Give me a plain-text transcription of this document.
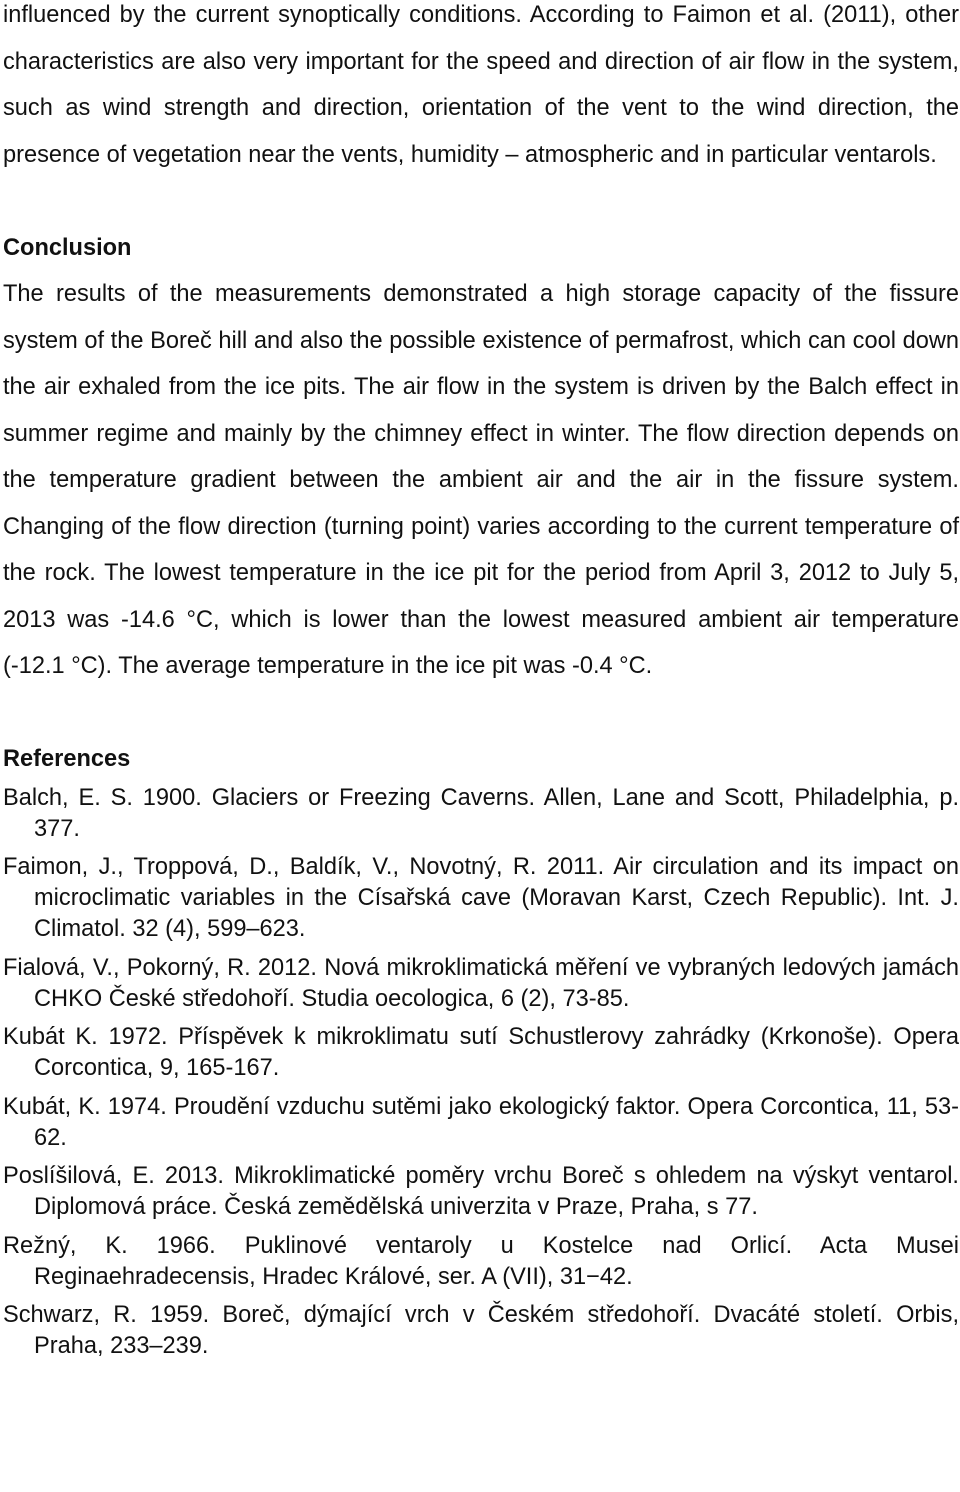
influenced by the current synoptically conditions. According to Faimon et al. (2011), other characteristics are also very important for the speed and direction of air flow in the system, such as wind strength and direction, orientation of the vent to the wind direction, the presence of vegetation near the vents, humidity – atmospheric and in particular ventarols.

Conclusion

The results of the measurements demonstrated a high storage capacity of the fissure system of the Boreč hill and also the possible existence of permafrost, which can cool down the air exhaled from the ice pits. The air flow in the system is driven by the Balch effect in summer regime and mainly by the chimney effect in winter. The flow direction depends on the temperature gradient between the ambient air and the air in the fissure system. Changing of the flow direction (turning point) varies according to the current temperature of the rock. The lowest temperature in the ice pit for the period from April 3, 2012 to July 5, 2013 was -14.6 °C, which is lower than the lowest measured ambient air temperature (-12.1 °C). The average temperature in the ice pit was -0.4 °C.

References
Balch, E. S. 1900. Glaciers or Freezing Caverns. Allen, Lane and Scott, Philadelphia, p. 377.
Faimon, J., Troppová, D., Baldík, V., Novotný, R. 2011. Air circulation and its impact on microclimatic variables in the Císařská cave (Moravan Karst, Czech Republic). Int. J. Climatol. 32 (4), 599–623.
Fialová, V., Pokorný, R. 2012. Nová mikroklimatická měření ve vybraných ledových jamách CHKO České středohoří. Studia oecologica, 6 (2), 73-85.
Kubát K. 1972. Příspěvek k mikroklimatu sutí Schustlerovy zahrádky (Krkonoše). Opera Corcontica, 9, 165-167.
Kubát, K. 1974. Proudění vzduchu sutěmi jako ekologický faktor. Opera Corcontica, 11, 53-62.
Poslíšilová, E. 2013. Mikroklimatické poměry vrchu Boreč s ohledem na výskyt ventarol. Diplomová práce. Česká zemědělská univerzita v Praze, Praha, s 77.
Režný, K. 1966. Puklinové ventaroly u Kostelce nad Orlicí. Acta Musei Reginaehradecensis, Hradec Králové, ser. A (VII), 31−42.
Schwarz, R. 1959. Boreč, dýmající vrch v Českém středohoří. Dvacáté století. Orbis, Praha, 233–239.
